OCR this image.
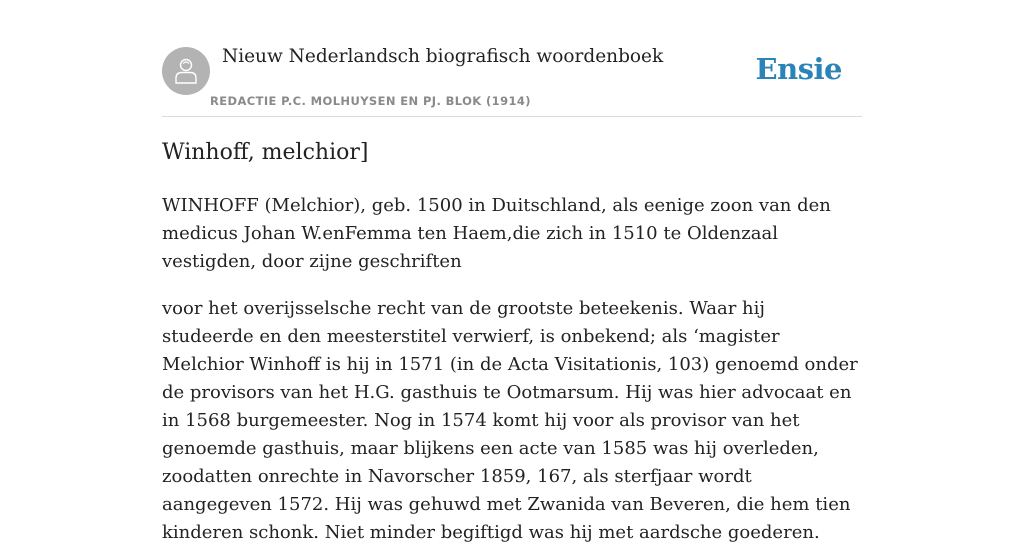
Nieuw Nederlandsch biografisch woordenboek
REDACTIE P.C. MOLHUYSEN EN PJ. BLOK (1914)
Ensie
Winhoff, melchior]

WINHOFF (Melchior), geb. 1500 in Duitschland, als eenige zoon van den medicus Johan W.enFemma ten Haem,die zich in 1510 te Oldenzaal vestigden, door zijne geschriften

voor het overijsselsche recht van de grootste beteekenis. Waar hij studeerde en den meesterstitel verwierf, is onbekend; als ‘magister Melchior Winhoff is hij in 1571 (in de Acta Visitationis, 103) genoemd onder de provisors van het H.G. gasthuis te Ootmarsum. Hij was hier advocaat en in 1568 burgemeester. Nog in 1574 komt hij voor als provisor van het genoemde gasthuis, maar blijkens een acte van 1585 was hij overleden, zoodatten onrechte in Navorscher 1859, 167, als sterfjaar wordt aangegeven 1572. Hij was gehuwd met Zwanida van Beveren, die hem tien kinderen schonk. Niet minder begiftigd was hij met aardsche goederen.
